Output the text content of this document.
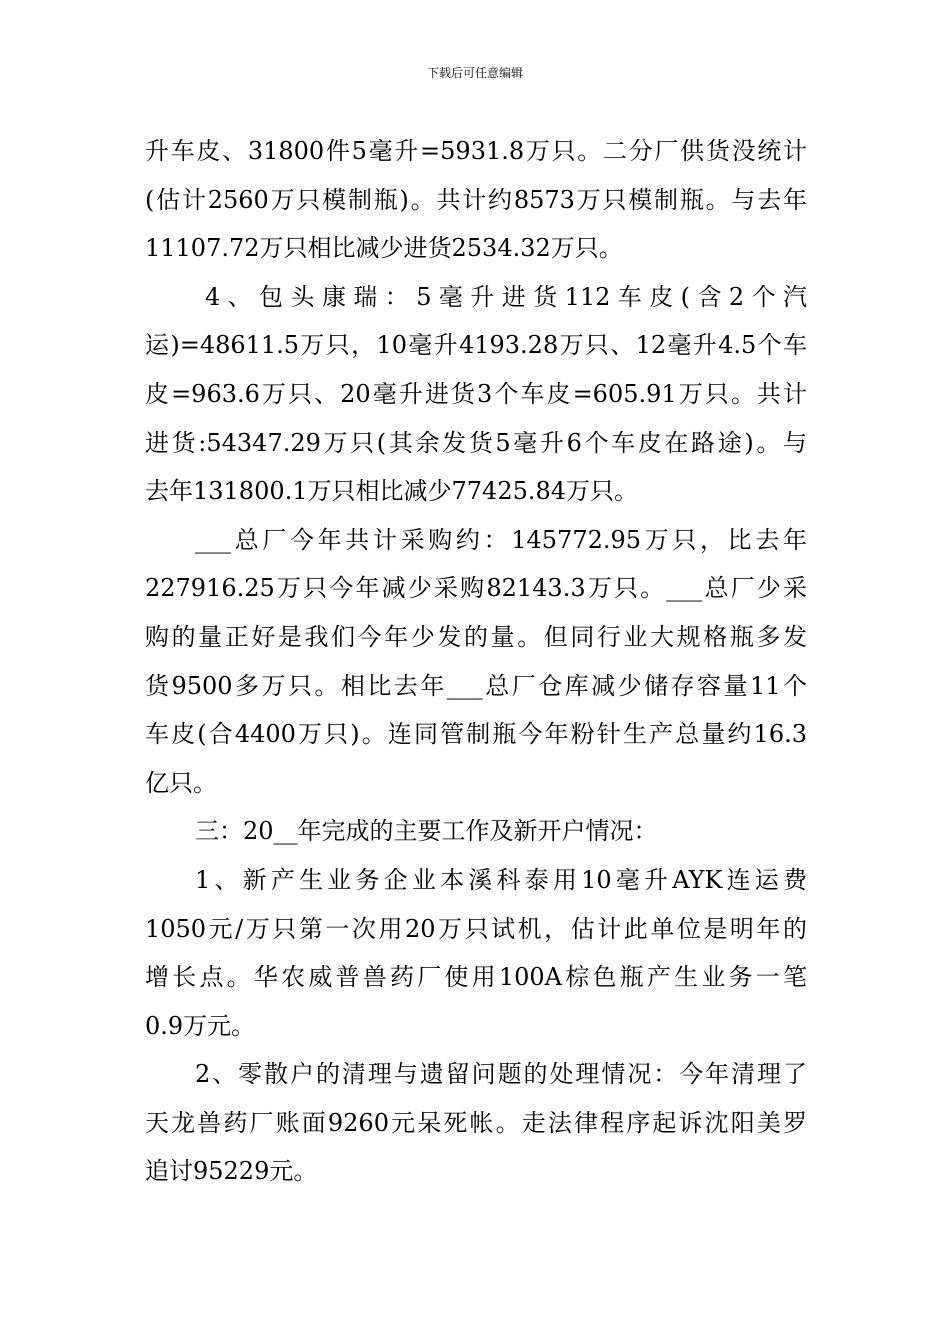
下载后可任意编辑
升车皮、31800件5毫升=5931.8万只。二分厂供货没统计
(估计2560万只模制瓶)。共计约8573万只模制瓶。与去年
11107.72万只相比减少进货2534.32万只。
4、包头康瑞：5毫升进货112车皮(含2个汽
运)=48611.5万只，10毫升4193.28万只、12毫升4.5个车
皮=963.6万只、20毫升进货3个车皮=605.91万只。共计
进货:54347.29万只(其余发货5毫升6个车皮在路途)。与
去年131800.1万只相比减少77425.84万只。
___总厂今年共计采购约：145772.95万只，比去年
227916.25万只今年减少采购82143.3万只。___总厂少采
购的量正好是我们今年少发的量。但同行业大规格瓶多发
货9500多万只。相比去年___总厂仓库减少储存容量11个
车皮(合4400万只)。连同管制瓶今年粉针生产总量约16.3
亿只。
三：20__年完成的主要工作及新开户情况：
1、新产生业务企业本溪科泰用10毫升AYK连运费
1050元/万只第一次用20万只试机，估计此单位是明年的
增长点。华农威普兽药厂使用100A棕色瓶产生业务一笔
0.9万元。
2、零散户的清理与遗留问题的处理情况：今年清理了
天龙兽药厂账面9260元呆死帐。走法律程序起诉沈阳美罗
追讨95229元。
